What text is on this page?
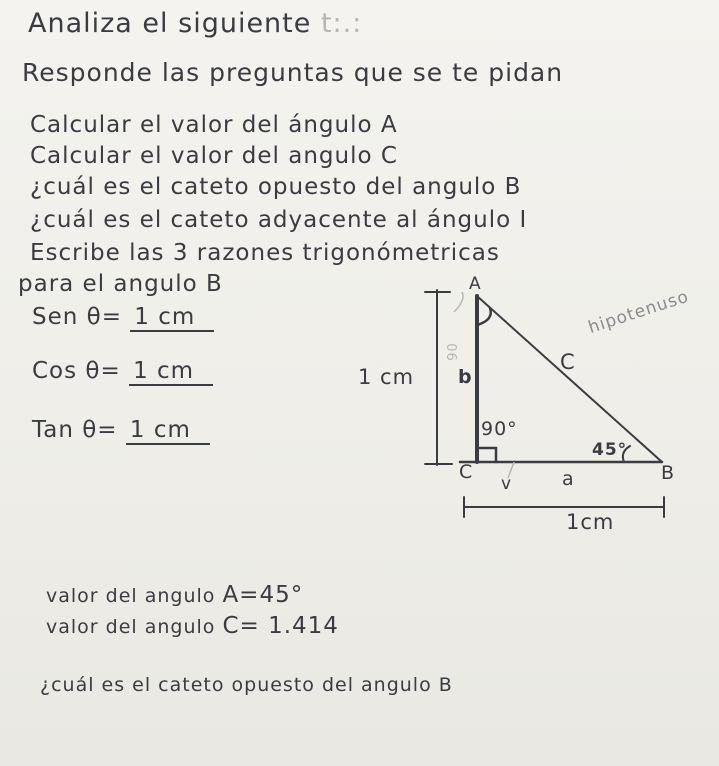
Analiza el siguiente t:.:
Responde las preguntas que se te pidan
Calcular el valor del ángulo A
Calcular el valor del angulo C
¿cuál es el cateto opuesto del angulo B
¿cuál es el cateto adyacente al ángulo I
Escribe las 3 razones trigonómetricas
para el angulo B
Sen θ= 1 cm
Cos θ= 1 cm
Tan θ= 1 cm
A
C
hipotenuso
1 cm b
90°
45°
C	a	B
v
90
1cm
valor del angulo A=45°
valor del angulo C= 1.414
¿cuál es el cateto opuesto del angulo B
